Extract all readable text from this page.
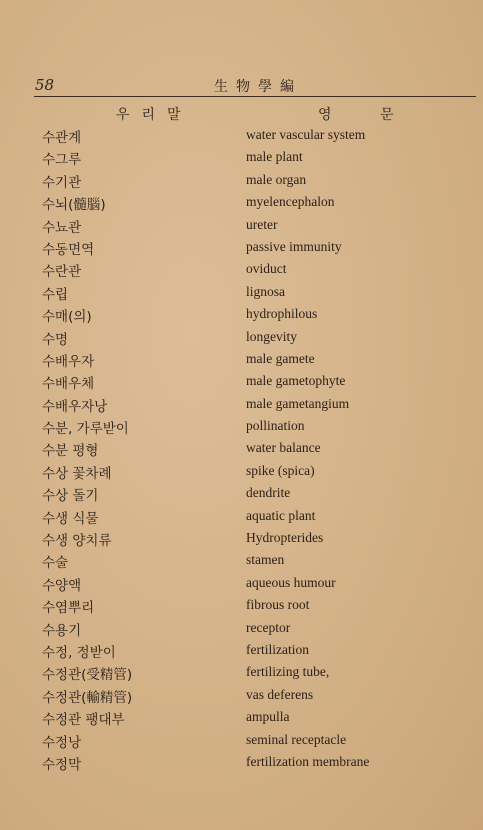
58	生物學編
우리말	영 문
수관계	water vascular system
수그루	male plant
수기관	male organ
수뇌(髓腦)	myelencephalon
수뇨관	ureter
수동면역	passive immunity
수란관	oviduct
수립	lignosa
수매(의)	hydrophilous
수명	longevity
수배우자	male gamete
수배우체	male gametophyte
수배우자낭	male gametangium
수분, 가루받이	pollination
수분 평형	water balance
수상 꽃차례	spike (spica)
수상 돌기	dendrite
수생 식물	aquatic plant
수생 양치류	Hydropterides
수술	stamen
수양액	aqueous humour
수염뿌리	fibrous root
수용기	receptor
수정, 정받이	fertilization
수정관(受精管)	fertilizing tube,
수정관(輸精管)	vas deferens
수정관 팽대부	ampulla
수정낭	seminal receptacle
수정막	fertilization membrane
